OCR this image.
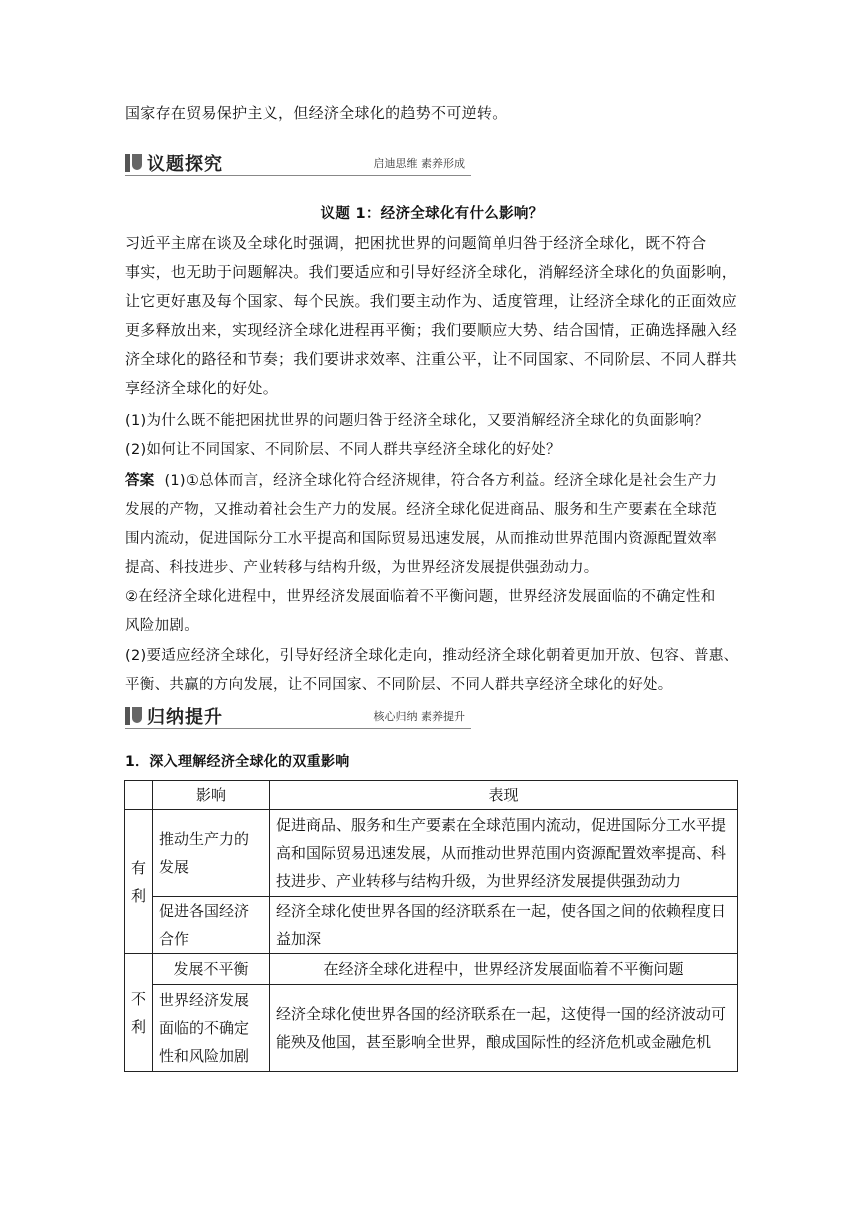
国家存在贸易保护主义，但经济全球化的趋势不可逆转。
议题探究	启迪思维 素养形成
议题 1：经济全球化有什么影响？
习近平主席在谈及全球化时强调，把困扰世界的问题简单归咎于经济全球化，既不符合
事实，也无助于问题解决。我们要适应和引导好经济全球化，消解经济全球化的负面影响，
让它更好惠及每个国家、每个民族。我们要主动作为、适度管理，让经济全球化的正面效应
更多释放出来，实现经济全球化进程再平衡；我们要顺应大势、结合国情，正确选择融入经
济全球化的路径和节奏；我们要讲求效率、注重公平，让不同国家、不同阶层、不同人群共
享经济全球化的好处。
(1)为什么既不能把困扰世界的问题归咎于经济全球化，又要消解经济全球化的负面影响？
(2)如何让不同国家、不同阶层、不同人群共享经济全球化的好处？
答案 (1)①总体而言，经济全球化符合经济规律，符合各方利益。经济全球化是社会生产力
发展的产物，又推动着社会生产力的发展。经济全球化促进商品、服务和生产要素在全球范
围内流动，促进国际分工水平提高和国际贸易迅速发展，从而推动世界范围内资源配置效率
提高、科技进步、产业转移与结构升级，为世界经济发展提供强劲动力。
②在经济全球化进程中，世界经济发展面临着不平衡问题，世界经济发展面临的不确定性和
风险加剧。
(2)要适应经济全球化，引导好经济全球化走向，推动经济全球化朝着更加开放、包容、普惠、
平衡、共赢的方向发展，让不同国家、不同阶层、不同人群共享经济全球化的好处。
归纳提升	核心归纳 素养提升
1．深入理解经济全球化的双重影响
	影响	表现
有利	推动生产力的发展	促进商品、服务和生产要素在全球范围内流动，促进国际分工水平提高和国际贸易迅速发展，从而推动世界范围内资源配置效率提高、科技进步、产业转移与结构升级，为世界经济发展提供强劲动力
	促进各国经济合作	经济全球化使世界各国的经济联系在一起，使各国之间的依赖程度日益加深
不利	发展不平衡	在经济全球化进程中，世界经济发展面临着不平衡问题
	世界经济发展面临的不确定性和风险加剧	经济全球化使世界各国的经济联系在一起，这使得一国的经济波动可能殃及他国，甚至影响全世界，酿成国际性的经济危机或金融危机
